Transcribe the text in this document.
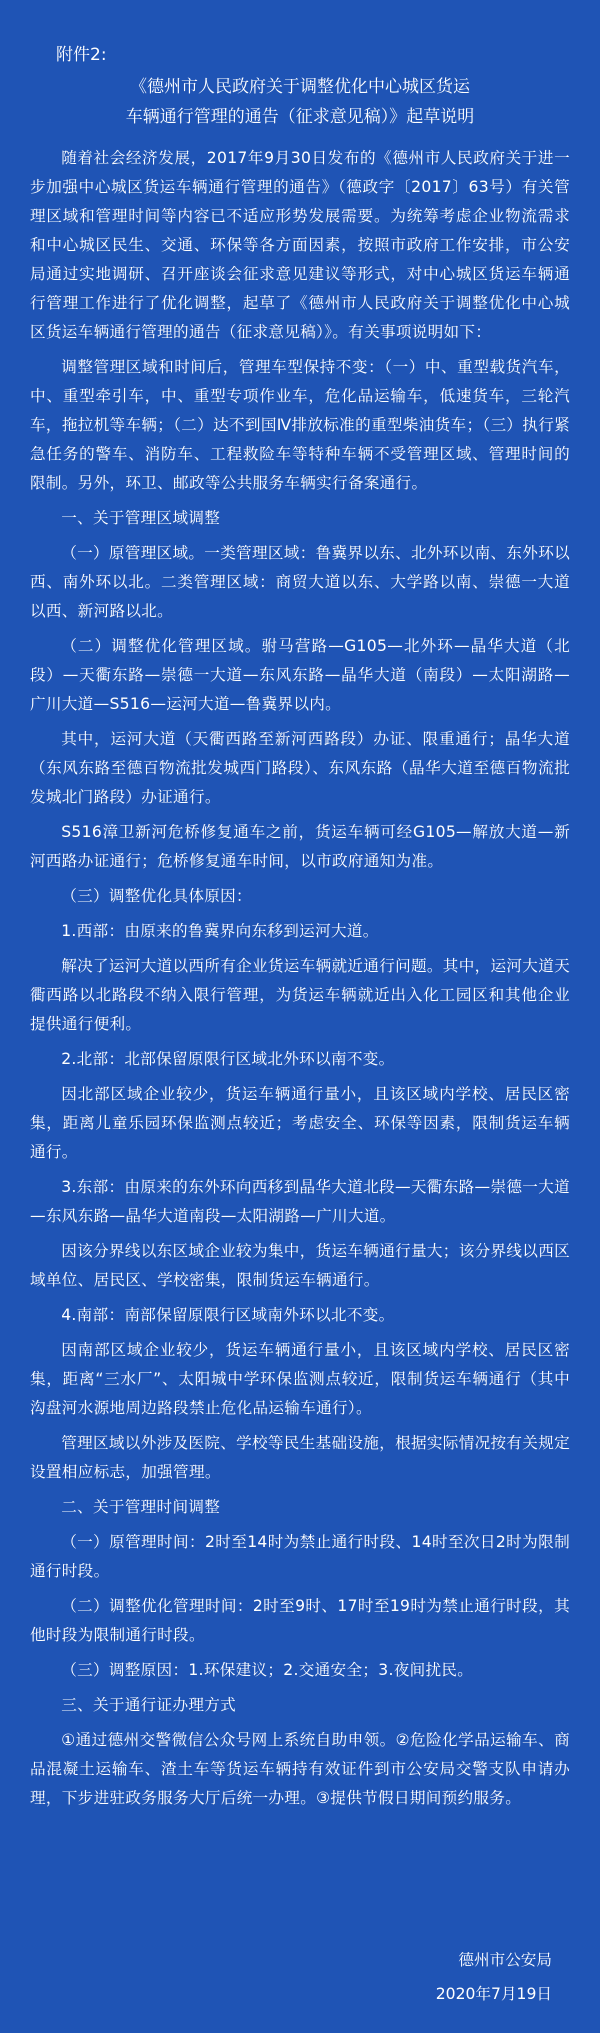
附件2:
《德州市人民政府关于调整优化中心城区货运
车辆通行管理的通告（征求意见稿）》起草说明

随着社会经济发展，2017年9月30日发布的《德州市人民政府关于进一步加强中心城区货运车辆通行管理的通告》（德政字〔2017〕63号）有关管理区域和管理时间等内容已不适应形势发展需要。为统筹考虑企业物流需求和中心城区民生、交通、环保等各方面因素，按照市政府工作安排，市公安局通过实地调研、召开座谈会征求意见建议等形式，对中心城区货运车辆通行管理工作进行了优化调整，起草了《德州市人民政府关于调整优化中心城区货运车辆通行管理的通告（征求意见稿）》。有关事项说明如下：

调整管理区域和时间后，管理车型保持不变：（一）中、重型载货汽车，中、重型牵引车，中、重型专项作业车，危化品运输车，低速货车，三轮汽车，拖拉机等车辆；（二）达不到国Ⅳ排放标准的重型柴油货车；（三）执行紧急任务的警车、消防车、工程救险车等特种车辆不受管理区域、管理时间的限制。另外，环卫、邮政等公共服务车辆实行备案通行。

一、关于管理区域调整

（一）原管理区域。一类管理区域：鲁冀界以东、北外环以南、东外环以西、南外环以北。二类管理区域：商贸大道以东、大学路以南、崇德一大道以西、新河路以北。

（二）调整优化管理区域。驸马营路—G105—北外环—晶华大道（北段）—天衢东路—崇德一大道—东风东路—晶华大道（南段）—太阳湖路—广川大道—S516—运河大道—鲁冀界以内。

其中，运河大道（天衢西路至新河西路段）办证、限重通行；晶华大道（东风东路至德百物流批发城西门路段）、东风东路（晶华大道至德百物流批发城北门路段）办证通行。

S516漳卫新河危桥修复通车之前，货运车辆可经G105—解放大道—新河西路办证通行；危桥修复通车时间，以市政府通知为准。

（三）调整优化具体原因：

1.西部：由原来的鲁冀界向东移到运河大道。

解决了运河大道以西所有企业货运车辆就近通行问题。其中，运河大道天衢西路以北路段不纳入限行管理，为货运车辆就近出入化工园区和其他企业提供通行便利。

2.北部：北部保留原限行区域北外环以南不变。

因北部区域企业较少，货运车辆通行量小，且该区域内学校、居民区密集，距离儿童乐园环保监测点较近；考虑安全、环保等因素，限制货运车辆通行。

3.东部：由原来的东外环向西移到晶华大道北段—天衢东路—崇德一大道—东风东路—晶华大道南段—太阳湖路—广川大道。

因该分界线以东区域企业较为集中，货运车辆通行量大；该分界线以西区域单位、居民区、学校密集，限制货运车辆通行。

4.南部：南部保留原限行区域南外环以北不变。

因南部区域企业较少，货运车辆通行量小，且该区域内学校、居民区密集，距离“三水厂”、太阳城中学环保监测点较近，限制货运车辆通行（其中沟盘河水源地周边路段禁止危化品运输车通行）。

管理区域以外涉及医院、学校等民生基础设施，根据实际情况按有关规定设置相应标志，加强管理。

二、关于管理时间调整

（一）原管理时间：2时至14时为禁止通行时段、14时至次日2时为限制通行时段。

（二）调整优化管理时间：2时至9时、17时至19时为禁止通行时段，其他时段为限制通行时段。

（三）调整原因：1.环保建议；2.交通安全；3.夜间扰民。

三、关于通行证办理方式

①通过德州交警微信公众号网上系统自助申领。②危险化学品运输车、商品混凝土运输车、渣土车等货运车辆持有效证件到市公安局交警支队申请办理，下步进驻政务服务大厅后统一办理。③提供节假日期间预约服务。

德州市公安局
2020年7月19日
